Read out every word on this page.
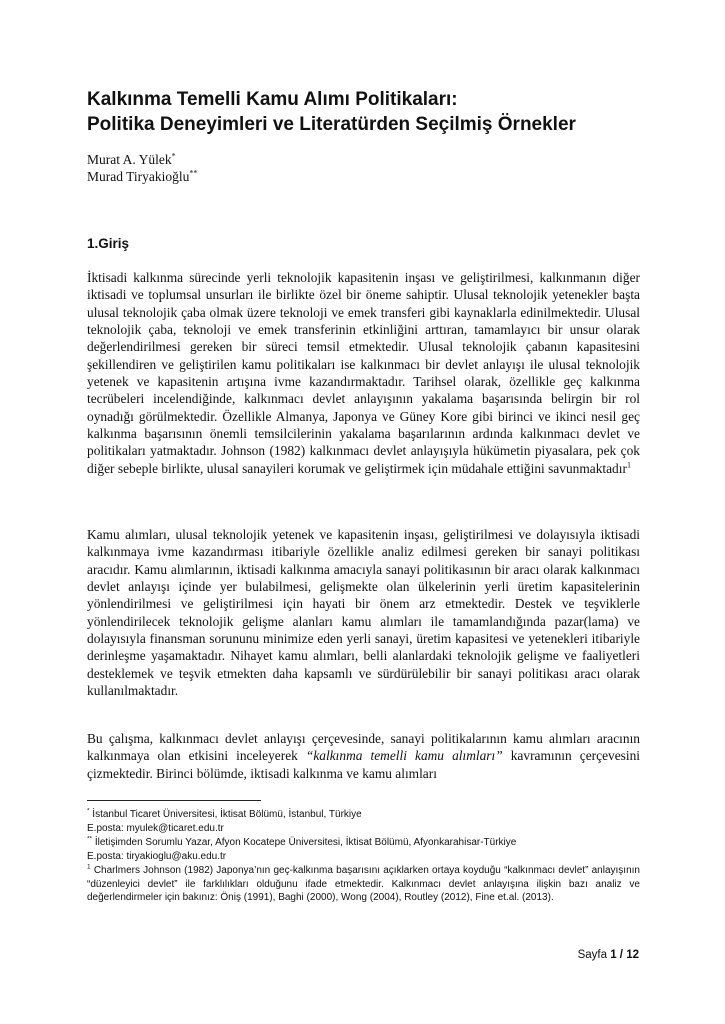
Kalkınma Temelli Kamu Alımı Politikaları:
Politika Deneyimleri ve Literatürden Seçilmiş Örnekler
Murat A. Yülek*
Murad Tiryakioğlu**
1.Giriş

İktisadi kalkınma sürecinde yerli teknolojik kapasitenin inşası ve geliştirilmesi, kalkınmanın diğer iktisadi ve toplumsal unsurları ile birlikte özel bir öneme sahiptir. Ulusal teknolojik yetenekler başta ulusal teknolojik çaba olmak üzere teknoloji ve emek transferi gibi kaynaklarla edinilmektedir. Ulusal teknolojik çaba, teknoloji ve emek transferinin etkinliğini arttıran, tamamlayıcı bir unsur olarak değerlendirilmesi gereken bir süreci temsil etmektedir. Ulusal teknolojik çabanın kapasitesini şekillendiren ve geliştirilen kamu politikaları ise kalkınmacı bir devlet anlayışı ile ulusal teknolojik yetenek ve kapasitenin artışına ivme kazandırmaktadır. Tarihsel olarak, özellikle geç kalkınma tecrübeleri incelendiğinde, kalkınmacı devlet anlayışının yakalama başarısında belirgin bir rol oynadığı görülmektedir. Özellikle Almanya, Japonya ve Güney Kore gibi birinci ve ikinci nesil geç kalkınma başarısının önemli temsilcilerinin yakalama başarılarının ardında kalkınmacı devlet ve politikaları yatmaktadır. Johnson (1982) kalkınmacı devlet anlayışıyla hükümetin piyasalara, pek çok diğer sebeple birlikte, ulusal sanayileri korumak ve geliştirmek için müdahale ettiğini savunmaktadır$^1$

Kamu alımları, ulusal teknolojik yetenek ve kapasitenin inşası, geliştirilmesi ve dolayısıyla iktisadi kalkınmaya ivme kazandırması itibariyle özellikle analiz edilmesi gereken bir sanayi politikası aracıdır. Kamu alımlarının, iktisadi kalkınma amacıyla sanayi politikasının bir aracı olarak kalkınmacı devlet anlayışı içinde yer bulabilmesi, gelişmekte olan ülkelerinin yerli üretim kapasitelerinin yönlendirilmesi ve geliştirilmesi için hayati bir önem arz etmektedir. Destek ve teşviklerle yönlendirilecek teknolojik gelişme alanları kamu alımları ile tamamlandığında pazar(lama) ve dolayısıyla finansman sorununu minimize eden yerli sanayi, üretim kapasitesi ve yetenekleri itibariyle derinleşme yaşamaktadır. Nihayet kamu alımları, belli alanlardaki teknolojik gelişme ve faaliyetleri desteklemek ve teşvik etmekten daha kapsamlı ve sürdürülebilir bir sanayi politikası aracı olarak kullanılmaktadır.

Bu çalışma, kalkınmacı devlet anlayışı çerçevesinde, sanayi politikalarının kamu alımları aracının kalkınmaya olan etkisini inceleyerek “kalkınma temelli kamu alımları” kavramının çerçevesini çizmektedir. Birinci bölümde, iktisadi kalkınma ve kamu alımları

* İstanbul Ticaret Üniversitesi, İktisat Bölümü, İstanbul, Türkiye
E.posta: myulek@ticaret.edu.tr
** İletişimden Sorumlu Yazar, Afyon Kocatepe Üniversitesi, İktisat Bölümü, Afyonkarahisar-Türkiye
E.posta: tiryakioglu@aku.edu.tr
$^1$ Charlmers Johnson (1982) Japonya’nın geç-kalkınma başarısını açıklarken ortaya koyduğu “kalkınmacı devlet” anlayışının “düzenleyici devlet” ile farklılıkları olduğunu ifade etmektedir. Kalkınmacı devlet anlayışına ilişkin bazı analiz ve değerlendirmeler için bakınız: Öniş (1991), Baghi (2000), Wong (2004), Routley (2012), Fine et.al. (2013).
Sayfa 1 / 12
